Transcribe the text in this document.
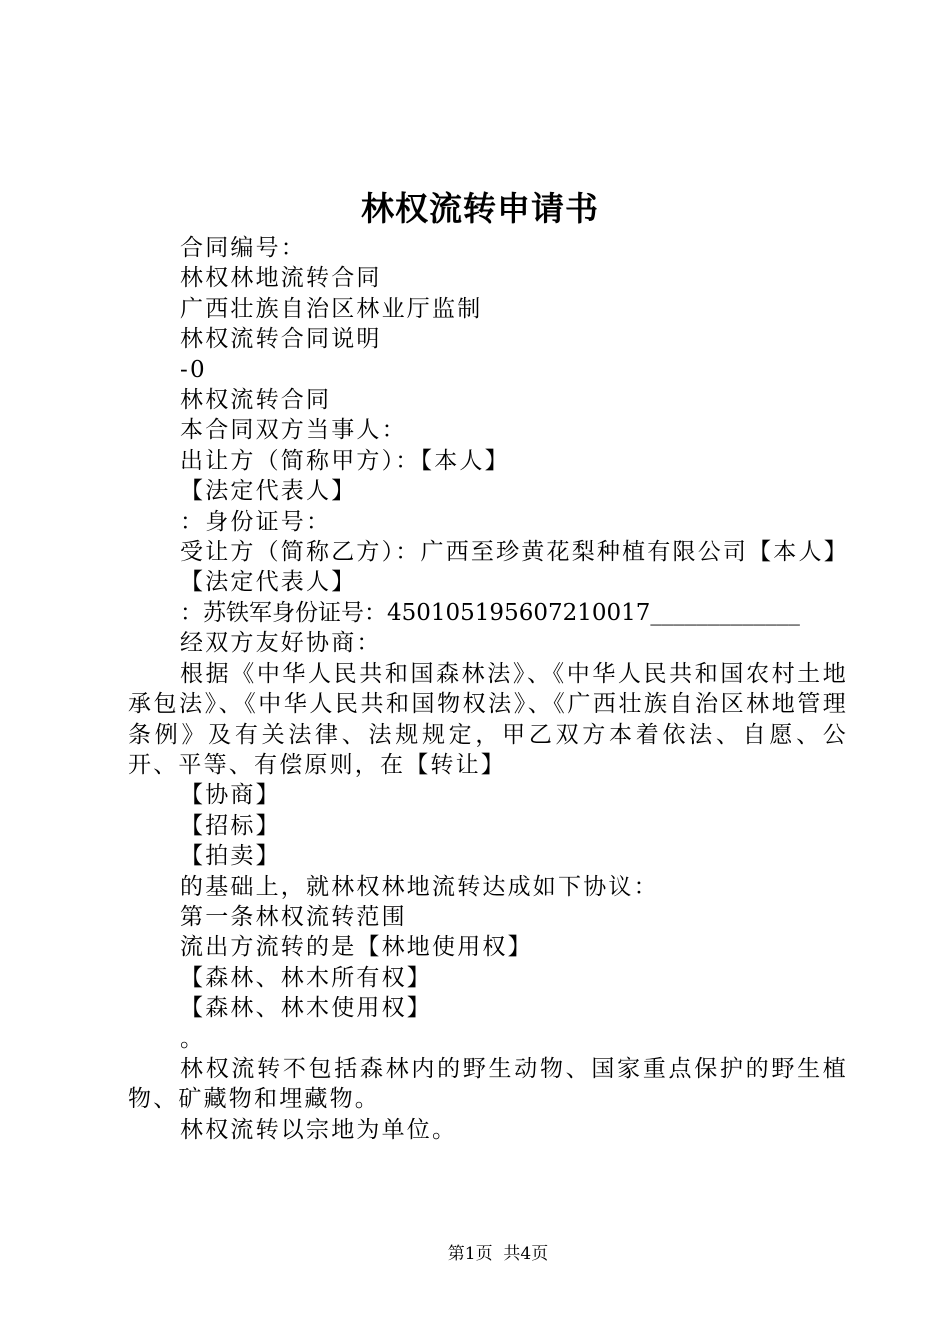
林权流转申请书

合同编号：

林权林地流转合同

广西壮族自治区林业厅监制

林权流转合同说明

-0

林权流转合同

本合同双方当事人：

出让方（简称甲方）：【本人】

【法定代表人】

：身份证号：

受让方（简称乙方）：广西至珍黄花梨种植有限公司【本人】

【法定代表人】

：苏铁军身份证号：450105195607210017_____________

经双方友好协商：

根据《中华人民共和国森林法》、《中华人民共和国农村土地承包法》、《中华人民共和国物权法》、《广西壮族自治区林地管理条例》及有关法律、法规规定，甲乙双方本着依法、自愿、公开、平等、有偿原则，在【转让】

【协商】

【招标】

【拍卖】

的基础上，就林权林地流转达成如下协议：

第一条林权流转范围

流出方流转的是【林地使用权】

【森林、林木所有权】

【森林、林木使用权】

。

林权流转不包括森林内的野生动物、国家重点保护的野生植物、矿藏物和埋藏物。

林权流转以宗地为单位。

第1页 共4页
